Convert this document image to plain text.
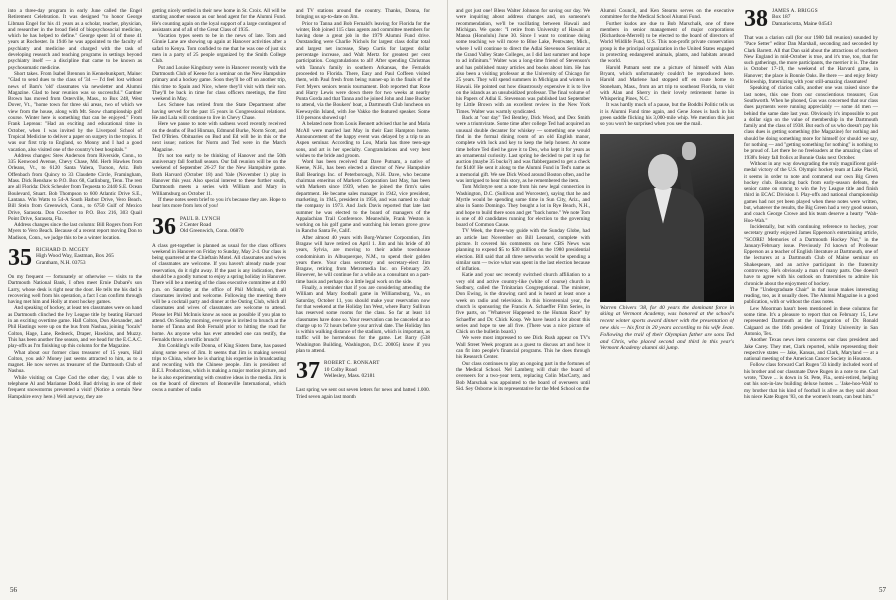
into a three-day program in early June called the Engel Retirement Celebration. It was designed "to honor George Libman Engel for his 41 years as a scholar, teacher, physician, and researcher in the broad field of biopsychosocial medicine, which he has helped to define." George spent 34 of those 41 years at Rochester. In 1946 he was appointed to the faculty of psychiatry and medicine and charged with the task of developing research and teaching programs in settings beyond psychiatry itself — a discipline that came to be known as psychosomatic medicine.

Short takes. From Isabel Brennon in Kennebunkport, Maine: "Glad to send dues to the class of '34 — I'd feel lost without news of Bam's 'old' classmates via newsletter and Alumni Magazine. Glad to hear reunion was so successful." Gardner Brown has moved from Osterville, Mass., to Box 248, West Dover, Vt., "home town for three ski areas, two of which we view from the house, along with Mt. Snow championship golf course. Winter here is something that can be enjoyed." From Frank Lepreau: "Had an exciting and educational time in October, when I was invited by the Liverpool School of Tropical Medicine to deliver a paper on surgery in the tropics. It was our first trip to England, so Monny and I had a good vacation, also visited one of the country's best hospitals."

Address changes: Stew Anderson from Riverside, Conn., to 335 Kenwood Avenue, Chevy Chase, Md. Herb Hawkes from Orleans, Vt., to 6120 Santa Valera, Tucson, Ariz. Bob Offenbach from Quincy to 33 Claudette Circle, Framingham, Mass. Dick Renshaw to P.O. Box 68, Gatlinburg, Tenn. The rest are all Florida: Dick Scheuler from Tequesta to 2440 S.E. Ocean Boulevard, Stuart. Bob Thompson to 600 Atlantic Drive S.E., Lantana. Win Watts to 54-A South Harbor Drive, Vero Beach. Bill Stein from Greenwich, Conn., to 6750 Gulf of Mexico Drive, Sarasota. Don Crowther to P.O. Box 216, 303 Quail Point Drive, Sarasota, Fla.

Address changes since the last column: Bill Rogers from Fort Myers to Vero Beach. Because of a recent report moving Don to Madison, Conn., we judge this to be a winter location.

35 RICHARD D. MCGEY
High Wood Way, Eastman, Box 265
Grantham, N.H. 03753

On my frequent — fortunately or otherwise — visits to the Dartmouth National Bank, I often meet Ernie Dubaré's son Larry, whose desk is right near the door. He tells me his dad is recovering well from his operation, a fact I can confirm through having met him and Holly at most hockey games.

And speaking of hockey, at least ten classmates were on hand as Dartmouth clinched the Ivy League title by beating Harvard in an exciting overtime game. Hall Colton, Don Alexander, and Phil Hastings were up on the bus from Nashua, joining "locals" Colton, Hage, Lane, Redneck, Draper, Hawkins, and Muzzy. This has been another fine season, and we head for the E.C.A.C. play-offs as I'm finishing up this column for the Magazine.

What about our former class treasurer of 15 years, Hall Colton, you ask? Money just seems attracted to him, as to a magnet. He now serves as treasurer of the Dartmouth Club of Nashua.

While visiting on Cape Cod the other day, I was able to telephone Al and Marianne Dodd. Bad driving in one of their frequent snowstorms prevented a visit! (Notice a certain New Hampshire envy here.) Well anyway, they are

getting nicely settled in their new home in St. Croix. All will be starting another season as our head agent for the Alumni Fund. He's counting again on the loyal support of a large contingent of assistants and of all of the Great Class of 1935.

Vacation types seem to be in the news of late. Tom and Ginnie Lane are showing up again at Hanover activities after a safari to Kenya. Tom confided to me that he was one of just six men in a party of 25 people organized by the Smith College Club.

Put and Louise Kingsbury were in Hanover recently with the Dartmouth Club of Keene for a seminar on the New Hampshire primary and a hockey game. Soon they'll be off on another trip, this time to Spain and Nice, where they'll visit with their son. They'll be back in time for class officers meetings, the first weekend in May.

Lex Schnee has retired from the State Department after having served for the past 15 years in Congressional relations. He and Lala will continue to live in Chevy Chase.

Here we pause to note with sadness word recently received on the deaths of Bud Hinman, Edmund Burke, Norm Scott, and Ted O'Brien. Obituaries on Bud and Ed will be in this or the next issue; notices for Norm and Ted were in the March Magazine.

It's not too early to be thinking of Hanover and the 50th anniversary fall football season. Our fall reunion will be on the weekend of September 26-27 for the New Hampshire game. Both Harvard (October 18) and Yale (November 1) play in Hanover this year. Also special interest to these further south, Dartmouth meets a series with William and Mary in Williamsburg on October 11.

If these notes seem brief to you it's because they are. Hope to hear lots more from lots of you!

36 PAUL B. LYNCH
2 Center Road
Old Greenwich, Conn. 06870

A class get-together is planned as usual for the class officers weekend in Hanover on Friday to Sunday, May 2-4. Our class is being quartered at the Chieftain Motel. All classmates and wives of classmates are welcome. If you haven't already made your reservation, do it right away. If the past is any indication, there should be a goodly turnout to enjoy a spring holiday in Hanover. There will be a meeting of the class executive committee at 4:00 p.m. on Saturday at the office of Phil McInnis, with all classmates invited and welcome. Following the meeting there will be a cocktail party and dinner at the Outing Club, which all classmates and wives of classmates are welcome to attend. Please let Phil McInnis know as soon as possible if you plan to attend. On Sunday morning, everyone is invited to brunch at the home of Tanna and Bob Fernald prior to hitting the road for home. As anyone who has ever attended one can testify, the Fernalds throw a terrific brunch!

Jim Conkling's wife Donna, of King Sisters fame, has passed along some news of Jim. It seems that Jim is making several trips to China, where he is sharing his expertise in broadcasting and recording with the Chinese people. Jim is president of B.E.I. Productions, which is making a major motion picture, and he is also experimenting with creative ideas in the media. Jim is on the board of directors of Bonneville International, which owns a number of radio

and TV stations around the country. Thanks, Donna, for bringing us up-to-date on Jim.

Prior to Tanna and Bob Fernald's leaving for Florida for the winter, Bob joined 115 class agents and committee members for having done a great job in the 1979 Alumni Fund drive. Outstanding were Charlie Nichols for largest class dollar total and largest net increase, Shep Curtis for largest dollar percentage increase, and Walt Mertz for greatest per cent participation. Congratulations to all! After spending Christmas with Tanna's family in southern Arkansas, the Fernalds proceeded to Florida. There, Easy and Paul Coffeen visited them, with Paul fresh from being runner-up in the finals of the Fort Myers seniors tennis tournament. Bob reported that Rose and Harry Lewis were down there for two weeks at nearby Punta Gorda and that Tanna and he joined John and Jane Bucker to attend, via the Boukers' boat, a Dartmouth Club luncheon on Keewaydin Island, with Joe Vakko the featured speaker. Some 110 persons showed up!

A belated note from Louis Bennett advised that he and Maria McAll were married last May in their East Hampton home. Announcement of the happy event was delayed by a trip to an Aspen seminar. According to Lou, Maria has three teen-age sons, and art is her specialty. Congratulations and very best wishes to the bride and groom.

Word has been received that Dave Putnam, a native of Keene, N.H., has been elected a director of New Hampshire Ball Bearings Inc. of Peterborough, N.H. Dave, who became chairman emeritus of Markem Corporation last May, has been with Markem since 1939, when he joined the firm's sales department. He became sales manager in 1942, vice president, marketing, in 1945, president in 1956, and was named to chair the company in 1973. And Jack Davis reported that late last summer he was elected to the board of managers of the Appalachian Trail Conference. Meanwhile, Frank Weston is working on his golf game and watching his lemon grove grow in Rancho Santa Fe, Calif.

After almost 40 years with Borg-Warner Corporation, Jim Bragaw will have retired on April 1. Jim and his bride of 40 years, Sylvia, are moving to their adobe townhouse condominium in Albuquerque, N.M., to spend their golden years there. Your class secretary and secretary-elect Jim Bragaw, retiring from Metromedia Inc. on February 29. However, he will continue for a while as a consultant on a part-time basis and perhaps do a little legal work on the side.

Finally, a reminder that if you are considering attending the William and Mary football game in Williamsburg, Va., on Saturday, October 11, you should make your reservation now for that weekend at the Holiday Inn West, where Barry Sullivan has reserved some rooms for the class. So far at least 14 classmates have done so. Your reservation can be canceled at no charge up to 72 hours before your arrival date. The Holiday Inn is within walking distance of the stadium, which is important, as traffic will be horrendous for the game. Let Barry (538 Washington Building, Washington, D.C. 20005) know if you plan to attend.

37 ROBERT C. RONKART
10 Colby Road
Wellesley, Mass. 02181

Last spring we sent out seven letters for news and batted 1.000. Tried seven again last month

56

and got just one! Bless Walter Johnson for saving our day. We were inquiring about address changes and, on someone's recommendation, we'll be vacillating between Hawaii and Michigan. We quote: "I retire from University of Hawaii at Manoa (Honolulu) June 30. Since I want to continue doing some teaching we will move to Blue Lake, Pentwater, Mich., where I will continue to direct the Adlai Stevenson Seminar at the Grand Valley State Colleges, as I did last summer and hope to ad infinitum." Walter was a long-time friend of Stevenson's and has published many articles and books about him. He has also been a visiting professor at the University of Chicago for 25 years. They will spend summers in Michigan and winters in Hawaii. He pointed out how disastrously expensive it is to live on the islands as an unsubsidized professor. The final volume of his Papers of Adlai E. Stevenson was published last September by Little Brown with an excellent review in the New York Times. Walter was warmly syndicated.

Back at "our day" Ted Bentley, Dick Wood, and Dex Smith were a triumvirate. Some time after college Ted had acquired an unusual double decanter for whiskey — something one would find in the formal dining room of an old English manor, complete with lock and key to keep the help honest. At some time before Ted died he gave it to Dex, who kept it for years as an ornamental curiosity. Last spring he decided to put it up for auction (maybe 35 bucks?) and was flabbergasted to get a check for $140! He sent it along to the Alumni Fund in Ted's name as a memorial gift. We see Dick Wood around Boston often, and he was intrigued to hear this story, as he remembered the item.

Tom McIntyre sent a note from his new legal connection in Washington, D.C. (Sullivan and Worcester), saying that he and Myrtle would be spending some time in Sun City, Ariz., and also in Santo Domingo. They bought a lot in Rye Beach, N.H., and hope to build there soon and get "back home." We note Tom is one of 40 candidates running for election to the governing board of Common Cause.

TV Week, the three-way guide with the Sunday Globe, had an article last November on Bill Leonard, complete with picture. It covered his comments on how CBS News was planning to expend $5 to $30 million on the 1980 presidential election. Bill said that all three networks would be spending a similar sum — twice what was spent in the last election because of inflation.

Katie and your sec recently switched church affiliation to a very old and active country-like (white of course) church in Sudbury, called the Trinitarian Congregational. The minister, Don Ewing, is the drawing card and is heard at least once a week on radio and television. In this bicentennial year, the church is sponsoring the Francis A. Schaeffer Film Series, in five parts, on "Whatever Happened to the Human Race" by Schaeffer and Dr. Chick Koop. We have heard a lot about this series and hope to see all five. (There was a nice picture of Chick on the bulletin board.)

We were most impressed to see Dick Rush appear on TV's Wall Street Week program as a guest to discuss art and how it can fit into people's financial programs. This he does through his Research Center.

Our class continues to play an ongoing part in the fortunes of the Medical School. Nel Lamberg will chair the board of overseers for a two-year term, replacing Colin MacCarty, and Bob Marschak was appointed to the board of overseers until Sid. Sey Osborne is its representative for the Med School on the

Alumni Council, and Ken Stearns serves on the executive committee for the Medical School Alumni Fund.

Further kudos are due to Bob Marschalk, one of three members in senior management of major corporations (Richardson-Merrell) to be elected to the board of directors of World Wildlife Fund, U.S. This non-profit private conservation group is the principal organization in the United States engaged in protecting endangered animals, plants, and habitats around the world.

Harold Putnam sent me a picture of himself with Alan Bryant, which unfortunately couldn't be reproduced here. Harold and Marlene had stopped off en route home to Stoneham, Mass., from an art trip to southeast Florida, to visit with Alan and Sherry in their lovely retirement home in Whispering Pines, N.C.

It was hardly much of a pause, but the Boddbi Politic tells us it is Alumni Fund time again, and Gene Jones is back in his green saddle flicking his 3,000-mile whip. We mention this just so you won't be surprised when you see the mail.

Warren Chivers '38, for 40 years the dominant force in skiing at Vermont Academy, was honored at the school's recent winter sports award dinner with the presentation of new skis — his first in 20 years according to his wife Jean. Following the trail of their Olympian father are sons Ted and Chris, who placed second and third in this year's Vermont Academy alumni ski jump.
38 JAMES A. BRIGGS
Box 187
Damariscotta, Maine 04543

That was a clarion call (for our 1980 fall reunion) sounded by "Pace Setter" editor Dan Marshall, seconding and seconded by Clark Barrett. All that Dan said about the attractions of northern New England in mid-October is true, and it's true, too, that for such gatherings, the more participants, the merrier it is. The date is October 17-19, the weekend of the Harvard game, in Hanover; the place is Bonnie Oaks. Be there — and enjoy feisty fellowship, fraternizing with your still-amazing classmates!

Speaking of clarion calls, another one was raised since the last notes, this one from our conscientious treasurer, Gus Southworth. When he phoned, Gus was concerned that our class dues payments were running appreciably — some 44 men — behind the same date last year. Obviously it's impossible to put a dollar sign on the value of membership in the Dartmouth family and the class of 1938. But each of us who doesn't pay his class dues is getting something (the Magazine) for nothing and should be doing something more for himself (or should we say, for nothing — and "getting something for nothing" is nothing to be proud of. Let there be no freeloaders at the amazing class of 1938's feisty fall frolics at Bonnie Oaks next October.

Without in any way downgrading the truly magnificent gold-medal victory of the U.S. Olympic hockey team at Lake Placid, it seems in order to note and commend our own Big Green hockey club. Bouncing back from early-season defeats, the senior came on strong to win the Ivy League title and finish third in ECAC Division I. Play-offs and national championship games had not yet been played when these notes were written, but, whatever the results, the Big Green had a very good season, and coach George Crowe and his team deserve a hearty "Wah-Hoo-Wah."

Incidentally, but with continuing reference to hockey, your secretary greatly enjoyed James Epperson's entertaining article, "SCORE! Memories of a Dartmouth Hockey Nut," in the January/February issue. Previously I'd known of Professor Epperson as a teacher of English literature at Dartmouth, one of the lecturers at a Dartmouth Club of Maine seminar on Shakespeare, and an active participant in the fraternity controversy. He's obviously a man of many parts. One doesn't have to agree with his outlook on fraternities to admire his chronicle about the enjoyment of hockey.

The "Undergraduate Chair" in that issue makes interesting reading, too, as it usually does. The Alumni Magazine is a good publication, with or without the class notes.

Lew Moorman hasn't been mentioned in these columns for some time. It's a pleasure to report that on February 15, Lew represented Dartmouth at the inauguration of Dr. Ronald Calgaard as the 16th president of Trinity University in San Antonio, Tex.

Another Texas news item concerns our class president and Jake Carey. They met, Clark reported, while representing their respective states — Jake, Kansas, and Clark, Maryland — at a national meeting of the American Cancer Society in Houston.

Follow class forward Carl Rugen '33 kindly included word of his brother and our classmate Dave Rugen in a note to me. Carl wrote, "Dave ... is down in St. Pete, Fla., semi-retired, helping out his son-in-law building deluxe homes ... 'Jake-hoo-Wah' to my brother that his kind of football is alive as they said about his niece Kate Rugen '83, on the women's team, can beat him."

57
